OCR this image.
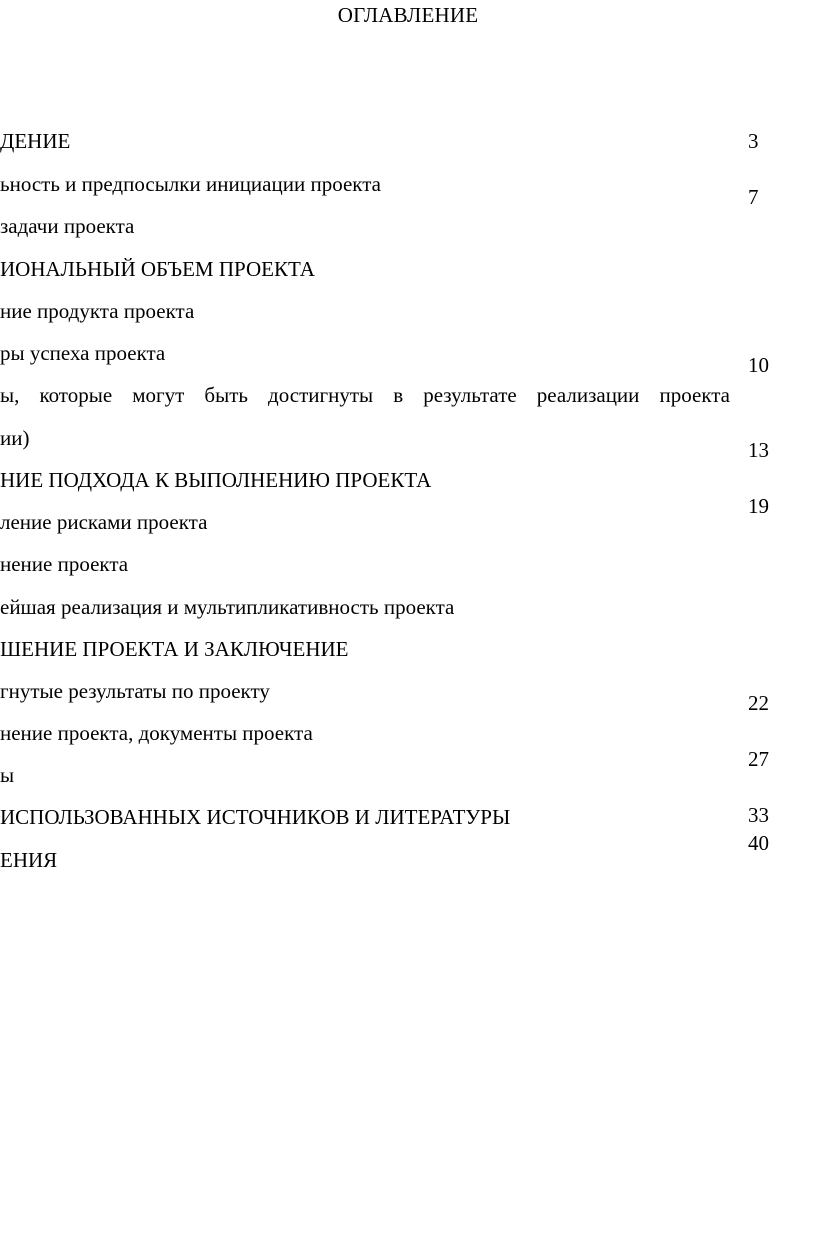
ОГЛАВЛЕНИЕ
ДЕНИЕ
ьность и предпосылки инициации проекта
задачи проекта
ИОНАЛЬНЫЙ ОБЪЕМ ПРОЕКТА
ние продукта проекта
ры успеха проекта
ы, которые могут быть достигнуты в результате реализации проекта
ии)
НИЕ ПОДХОДА К ВЫПОЛНЕНИЮ ПРОЕКТА
ление рисками проекта
нение проекта
ейшая реализация и мультипликативность проекта
ШЕНИЕ ПРОЕКТА И ЗАКЛЮЧЕНИЕ
гнутые результаты по проекту
нение проекта, документы проекта
ы
ИСПОЛЬЗОВАННЫХ ИСТОЧНИКОВ И ЛИТЕРАТУРЫ
ЕНИЯ
3
7
10
13
19
22
27
33
40
